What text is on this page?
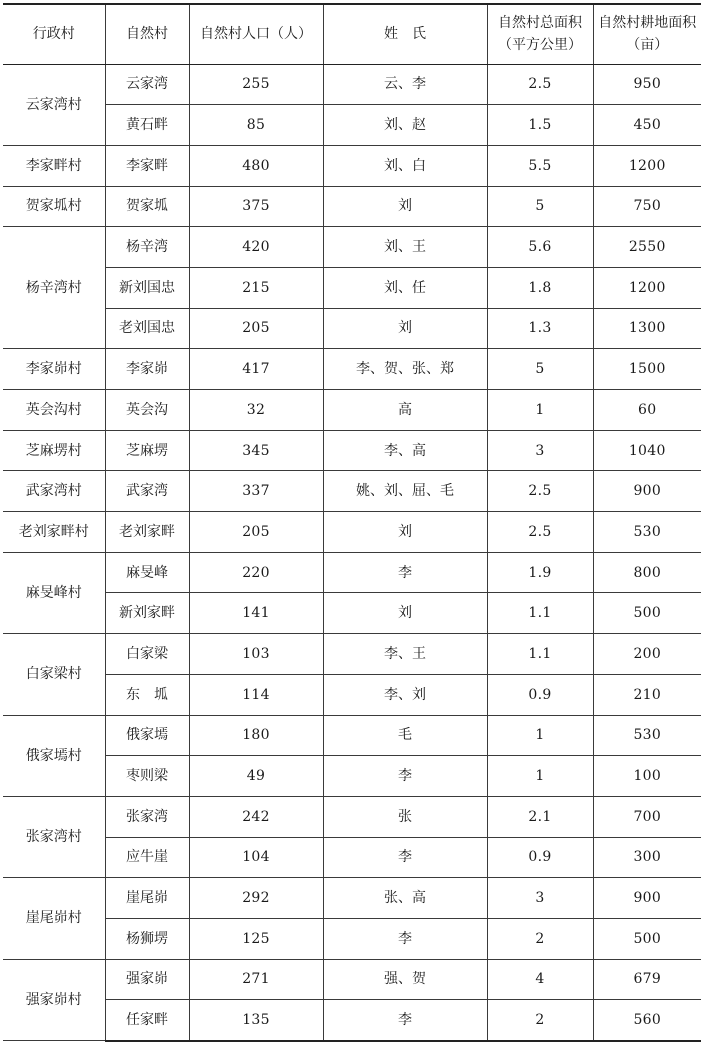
行政村	自然村	自然村人口（人）	姓　氏	自然村总面积（平方公里）	自然村耕地面积（亩）
云家湾村	云家湾	255	云、李	2.5	950
	黄石畔	85	刘、赵	1.5	450
李家畔村	李家畔	480	刘、白	5.5	1200
贺家坬村	贺家坬	375	刘	5	750
杨辛湾村	杨辛湾	420	刘、王	5.6	2550
	新刘国忠	215	刘、任	1.8	1200
	老刘国忠	205	刘	1.3	1300
李家峁村	李家峁	417	李、贺、张、郑	5	1500
英会沟村	英会沟	32	高	1	60
芝麻塄村	芝麻塄	345	李、高	3	1040
武家湾村	武家湾	337	姚、刘、屈、毛	2.5	900
老刘家畔村	老刘家畔	205	刘	2.5	530
麻旻峰村	麻旻峰	220	李	1.9	800
	新刘家畔	141	刘	1.1	500
白家梁村	白家梁	103	李、王	1.1	200
	东　坬	114	李、刘	0.9	210
俄家墕村	俄家墕	180	毛	1	530
	枣则梁	49	李	1	100
张家湾村	张家湾	242	张	2.1	700
	应牛崖	104	李	0.9	300
崖尾峁村	崖尾峁	292	张、高	3	900
	杨狮塄	125	李	2	500
强家峁村	强家峁	271	强、贺	4	679
	任家畔	135	李	2	560
